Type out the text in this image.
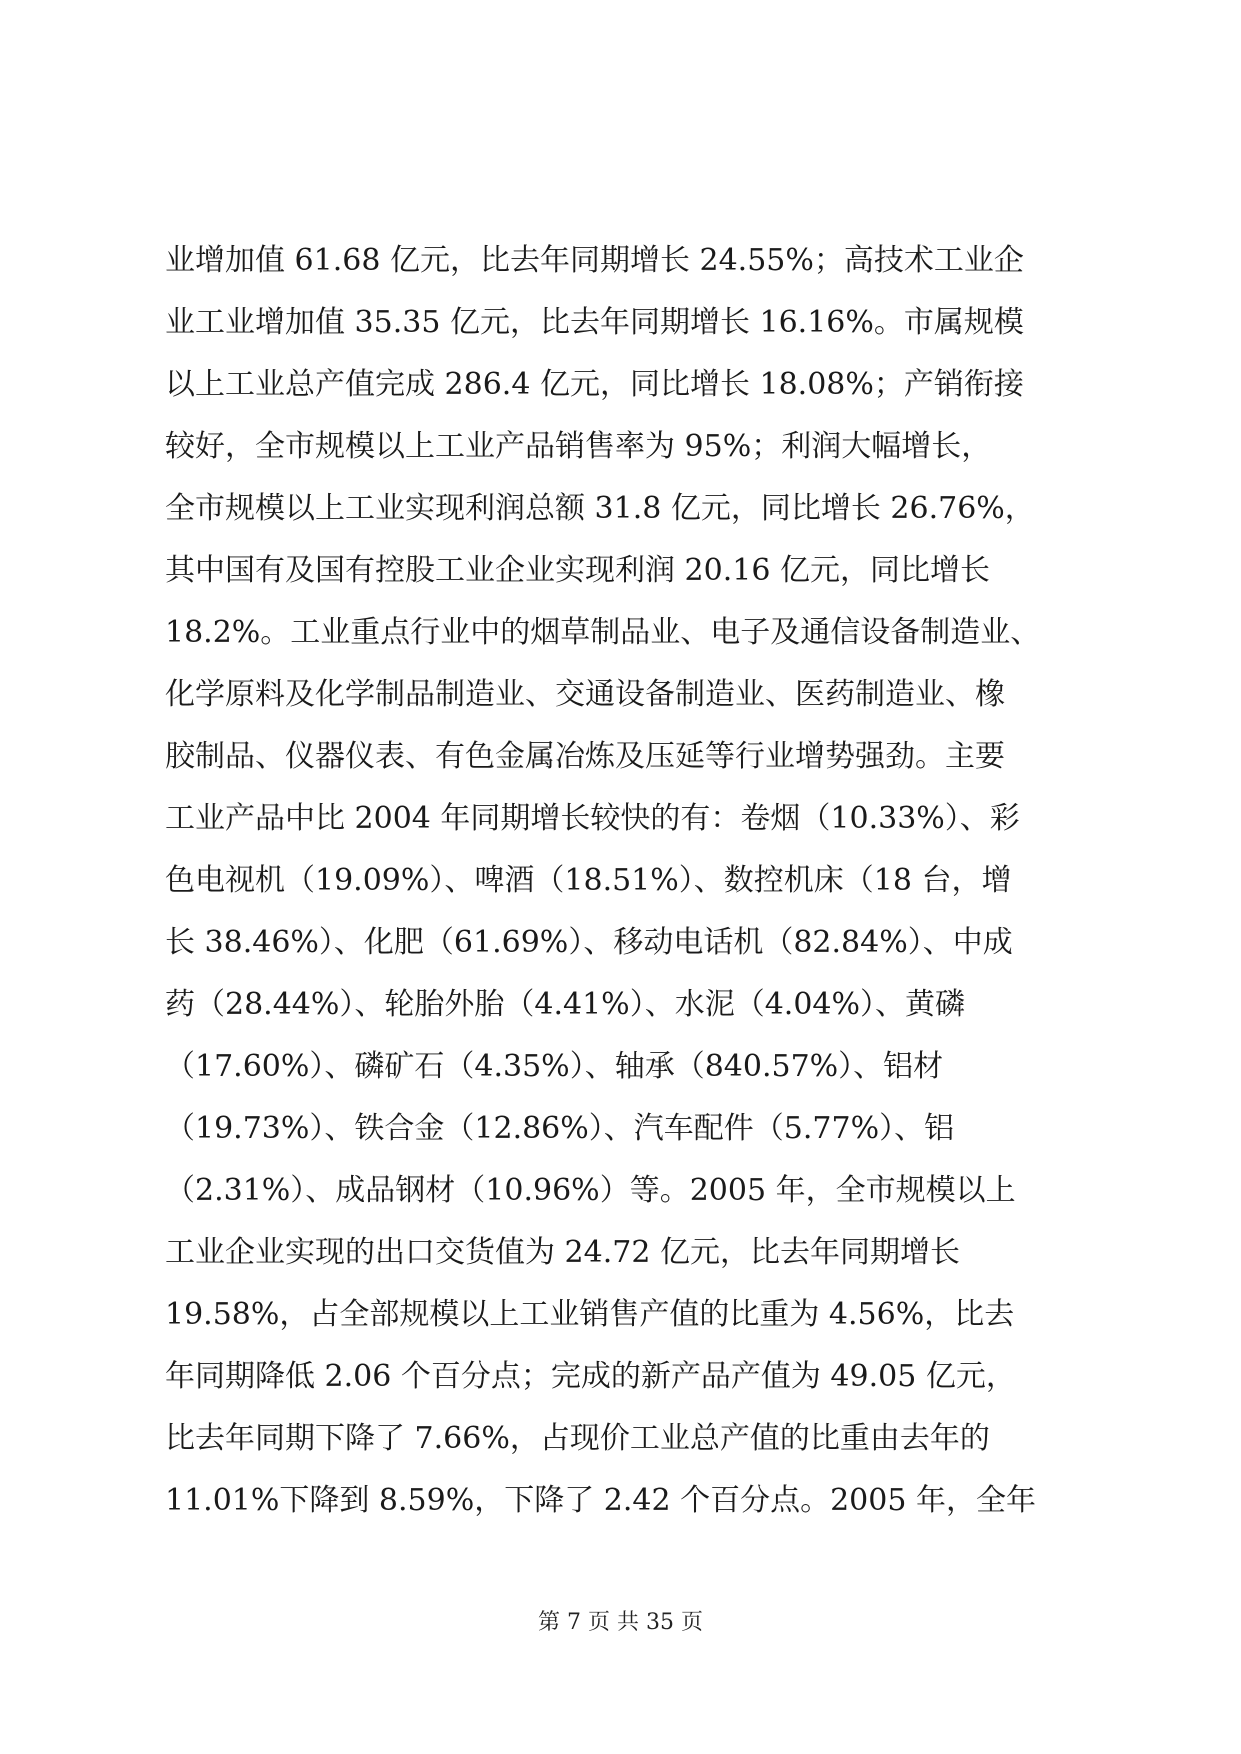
业增加值 61.68 亿元，比去年同期增长 24.55%；高技术工业企
业工业增加值 35.35 亿元，比去年同期增长 16.16%。市属规模
以上工业总产值完成 286.4 亿元，同比增长 18.08%；产销衔接
较好，全市规模以上工业产品销售率为 95%；利润大幅增长，
全市规模以上工业实现利润总额 31.8 亿元，同比增长 26.76%，
其中国有及国有控股工业企业实现利润 20.16 亿元，同比增长
18.2%。工业重点行业中的烟草制品业、电子及通信设备制造业、
化学原料及化学制品制造业、交通设备制造业、医药制造业、橡
胶制品、仪器仪表、有色金属冶炼及压延等行业增势强劲。主要
工业产品中比 2004 年同期增长较快的有：卷烟（10.33%）、彩
色电视机（19.09%）、啤酒（18.51%）、数控机床（18 台，增
长 38.46%）、化肥（61.69%）、移动电话机（82.84%）、中成
药（28.44%）、轮胎外胎（4.41%）、水泥（4.04%）、黄磷
（17.60%）、磷矿石（4.35%）、轴承（840.57%）、铝材
（19.73%）、铁合金（12.86%）、汽车配件（5.77%）、铝
（2.31%）、成品钢材（10.96%）等。2005 年，全市规模以上
工业企业实现的出口交货值为 24.72 亿元，比去年同期增长
19.58%，占全部规模以上工业销售产值的比重为 4.56%，比去
年同期降低 2.06 个百分点；完成的新产品产值为 49.05 亿元，
比去年同期下降了 7.66%，占现价工业总产值的比重由去年的
11.01%下降到 8.59%，下降了 2.42 个百分点。2005 年，全年
第 7 页 共 35 页
